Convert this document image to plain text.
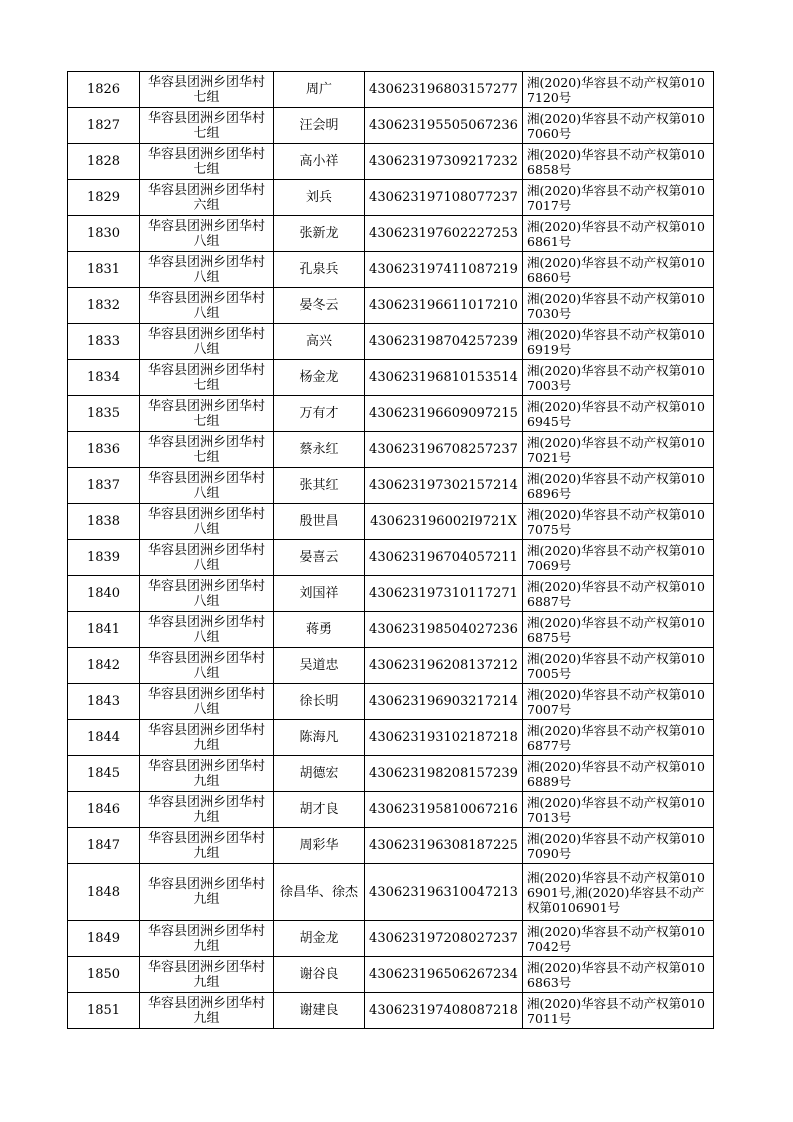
1826	华容县团洲乡团华村七组	周广	430623196803157277	湘(2020)华容县不动产权第0107120号
1827	华容县团洲乡团华村七组	汪会明	430623195505067236	湘(2020)华容县不动产权第0107060号
1828	华容县团洲乡团华村七组	高小祥	430623197309217232	湘(2020)华容县不动产权第0106858号
1829	华容县团洲乡团华村六组	刘兵	430623197108077237	湘(2020)华容县不动产权第0107017号
1830	华容县团洲乡团华村八组	张新龙	430623197602227253	湘(2020)华容县不动产权第0106861号
1831	华容县团洲乡团华村八组	孔泉兵	430623197411087219	湘(2020)华容县不动产权第0106860号
1832	华容县团洲乡团华村八组	晏冬云	430623196611017210	湘(2020)华容县不动产权第0107030号
1833	华容县团洲乡团华村八组	高兴	430623198704257239	湘(2020)华容县不动产权第0106919号
1834	华容县团洲乡团华村七组	杨金龙	430623196810153514	湘(2020)华容县不动产权第0107003号
1835	华容县团洲乡团华村七组	万有才	430623196609097215	湘(2020)华容县不动产权第0106945号
1836	华容县团洲乡团华村七组	蔡永红	430623196708257237	湘(2020)华容县不动产权第0107021号
1837	华容县团洲乡团华村八组	张其红	430623197302157214	湘(2020)华容县不动产权第0106896号
1838	华容县团洲乡团华村八组	殷世昌	430623196002I9721X	湘(2020)华容县不动产权第0107075号
1839	华容县团洲乡团华村八组	晏喜云	430623196704057211	湘(2020)华容县不动产权第0107069号
1840	华容县团洲乡团华村八组	刘国祥	430623197310117271	湘(2020)华容县不动产权第0106887号
1841	华容县团洲乡团华村八组	蒋勇	430623198504027236	湘(2020)华容县不动产权第0106875号
1842	华容县团洲乡团华村八组	吴道忠	430623196208137212	湘(2020)华容县不动产权第0107005号
1843	华容县团洲乡团华村八组	徐长明	430623196903217214	湘(2020)华容县不动产权第0107007号
1844	华容县团洲乡团华村九组	陈海凡	430623193102187218	湘(2020)华容县不动产权第0106877号
1845	华容县团洲乡团华村九组	胡德宏	430623198208157239	湘(2020)华容县不动产权第0106889号
1846	华容县团洲乡团华村九组	胡才良	430623195810067216	湘(2020)华容县不动产权第0107013号
1847	华容县团洲乡团华村九组	周彩华	430623196308187225	湘(2020)华容县不动产权第0107090号
1848	华容县团洲乡团华村九组	徐昌华、徐杰	430623196310047213	湘(2020)华容县不动产权第0106901号,湘(2020)华容县不动产权第0106901号
1849	华容县团洲乡团华村九组	胡金龙	430623197208027237	湘(2020)华容县不动产权第0107042号
1850	华容县团洲乡团华村九组	谢谷良	430623196506267234	湘(2020)华容县不动产权第0106863号
1851	华容县团洲乡团华村九组	谢建良	430623197408087218	湘(2020)华容县不动产权第0107011号
